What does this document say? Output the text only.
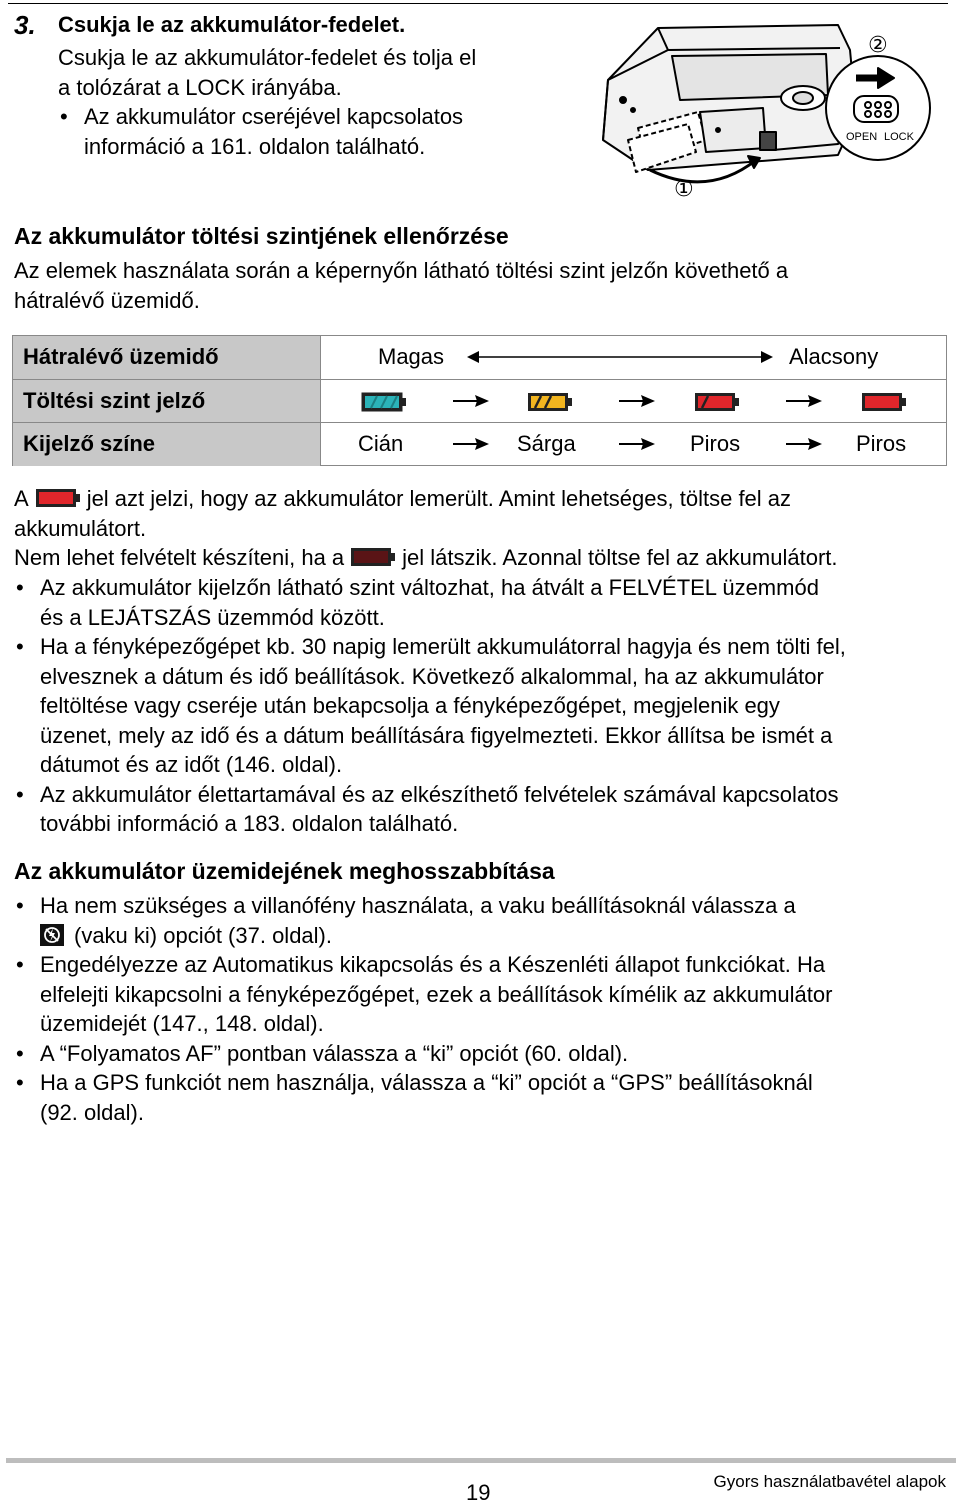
3. Csukja le az akkumulátor-fedelet.
Csukja le az akkumulátor-fedelet és tolja el
a tolózárat a LOCK irányába.
• Az akkumulátor cseréjével kapcsolatos
információ a 161. oldalon található.	OPEN LOCK
②
①
Az akkumulátor töltési szintjének ellenőrzése
Az elemek használata során a képernyőn látható töltési szint jelzőn követhető a
hátralévő üzemidő.
Hátralévő üzemidő	Magas	Alacsony
Töltési szint jelző
Kijelző színe	Cián	Sárga	Piros	Piros
A	jel azt jelzi, hogy az akkumulátor lemerült. Amint lehetséges, töltse fel az
akkumulátort.
Nem lehet felvételt készíteni, ha a	jel látszik. Azonnal töltse fel az akkumulátort.
• Az akkumulátor kijelzőn látható szint változhat, ha átvált a FELVÉTEL üzemmód
és a LEJÁTSZÁS üzemmód között.
• Ha a fényképezőgépet kb. 30 napig lemerült akkumulátorral hagyja és nem tölti fel,
elvesznek a dátum és idő beállítások. Következő alkalommal, ha az akkumulátor
feltöltése vagy cseréje után bekapcsolja a fényképezőgépet, megjelenik egy
üzenet, mely az idő és a dátum beállítására figyelmezteti. Ekkor állítsa be ismét a
dátumot és az időt (146. oldal).
• Az akkumulátor élettartamával és az elkészíthető felvételek számával kapcsolatos
további információ a 183. oldalon található.
Az akkumulátor üzemidejének meghosszabbítása
• Ha nem szükséges a villanófény használata, a vaku beállításoknál válassza a
(vaku ki) opciót (37. oldal).
• Engedélyezze az Automatikus kikapcsolás és a Készenléti állapot funkciókat. Ha
elfelejti kikapcsolni a fényképezőgépet, ezek a beállítások kímélik az akkumulátor
üzemidejét (147., 148. oldal).
• A “Folyamatos AF” pontban válassza a “ki” opciót (60. oldal).
• Ha a GPS funkciót nem használja, válassza a “ki” opciót a “GPS” beállításoknál
(92. oldal).
19	Gyors használatbavétel alapok
